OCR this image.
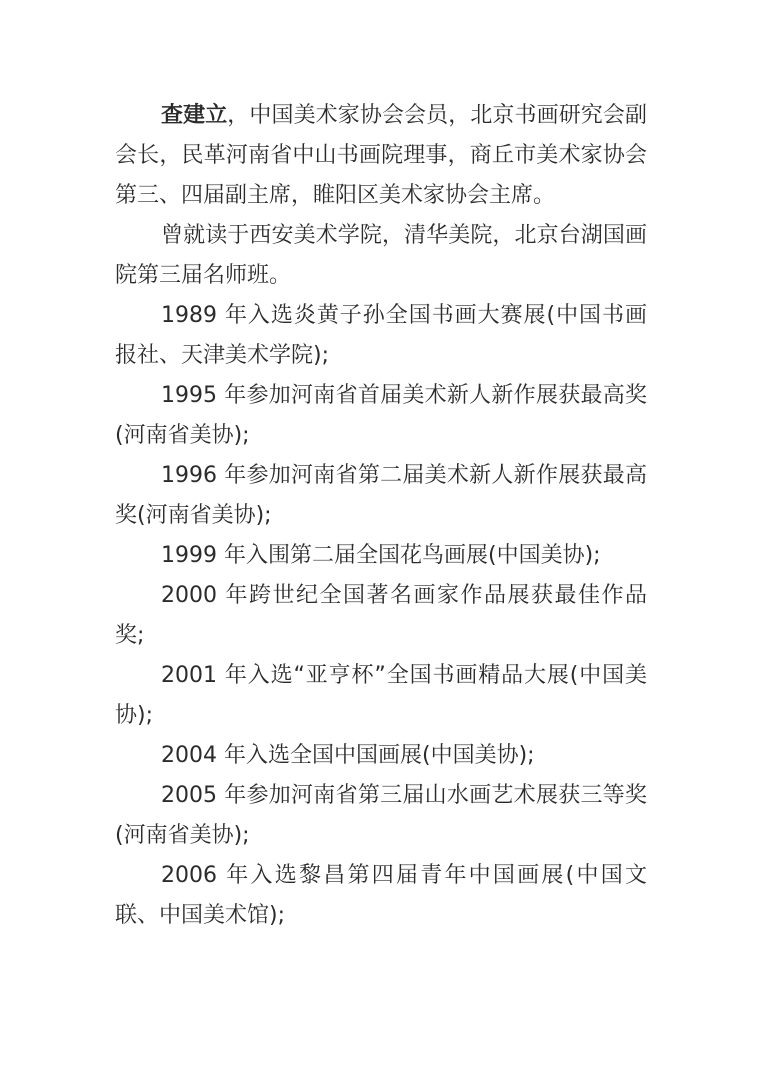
查建立，中国美术家协会会员，北京书画研究会副会长，民革河南省中山书画院理事，商丘市美术家协会第三、四届副主席，睢阳区美术家协会主席。

曾就读于西安美术学院，清华美院，北京台湖国画院第三届名师班。

1989 年入选炎黄子孙全国书画大赛展(中国书画报社、天津美术学院);

1995 年参加河南省首届美术新人新作展获最高奖(河南省美协);

1996 年参加河南省第二届美术新人新作展获最高奖(河南省美协);

1999 年入围第二届全国花鸟画展(中国美协);

2000 年跨世纪全国著名画家作品展获最佳作品奖;

2001 年入选“亚亨杯”全国书画精品大展(中国美协);

2004 年入选全国中国画展(中国美协);

2005 年参加河南省第三届山水画艺术展获三等奖(河南省美协);

2006 年入选黎昌第四届青年中国画展(中国文联、中国美术馆);
